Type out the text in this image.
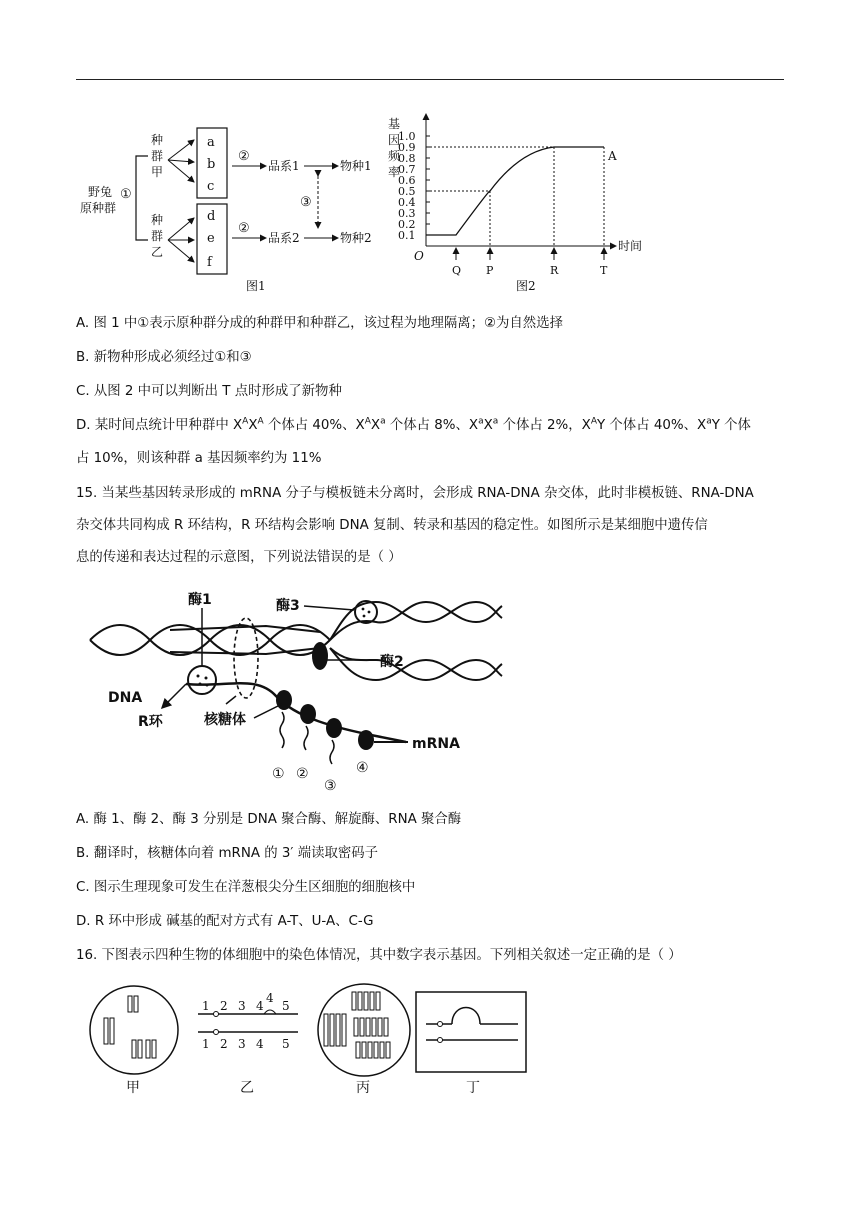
野兔
原种群
①
种
群
甲
种
群
乙
a
b
c
d
e
f
②
品系1	物种1
②
品系2	物种2
③
图1
基
因
频
率
时间
O
1.0
0.9
0.8
0.7
0.6
0.5
0.4
0.3
0.2
0.1
Q P	R	T
A
图2
A. 图 1 中①表示原种群分成的种群甲和种群乙，该过程为地理隔离；②为自然选择
B. 新物种形成必须经过①和③
C. 从图 2 中可以判断出 T 点时形成了新物种
D. 某时间点统计甲种群中 $X^AX^A$ 个体占 40%、$X^AX^a$ 个体占 8%、$X^aX^a$ 个体占 2%，$X^AY$ 个体占 40%、$X^aY$ 个体
占 10%，则该种群 a 基因频率约为 11%
15. 当某些基因转录形成的 mRNA 分子与模板链未分离时，会形成 RNA-DNA 杂交体，此时非模板链、RNA-DNA
杂交体共同构成 R 环结构，R 环结构会影响 DNA 复制、转录和基因的稳定性。如图所示是某细胞中遗传信
息的传递和表达过程的示意图，下列说法错误的是（ ）
酶1
① ②
③
④
mRNA
酶2
酶3
DNA
R环	核糖体
A. 酶 1、酶 2、酶 3 分别是 DNA 聚合酶、解旋酶、RNA 聚合酶
B. 翻译时，核糖体向着 mRNA 的 3′ 端读取密码子
C. 图示生理现象可发生在洋葱根尖分生区细胞的细胞核中
D. R 环中形成 碱基的配对方式有 A-T、U-A、C-G
16. 下图表示四种生物的体细胞中的染色体情况，其中数字表示基因。下列相关叙述一定正确的是（ ）
甲
1 2 3 4
4
5
1 2 3 4 5
乙	丙	丁
